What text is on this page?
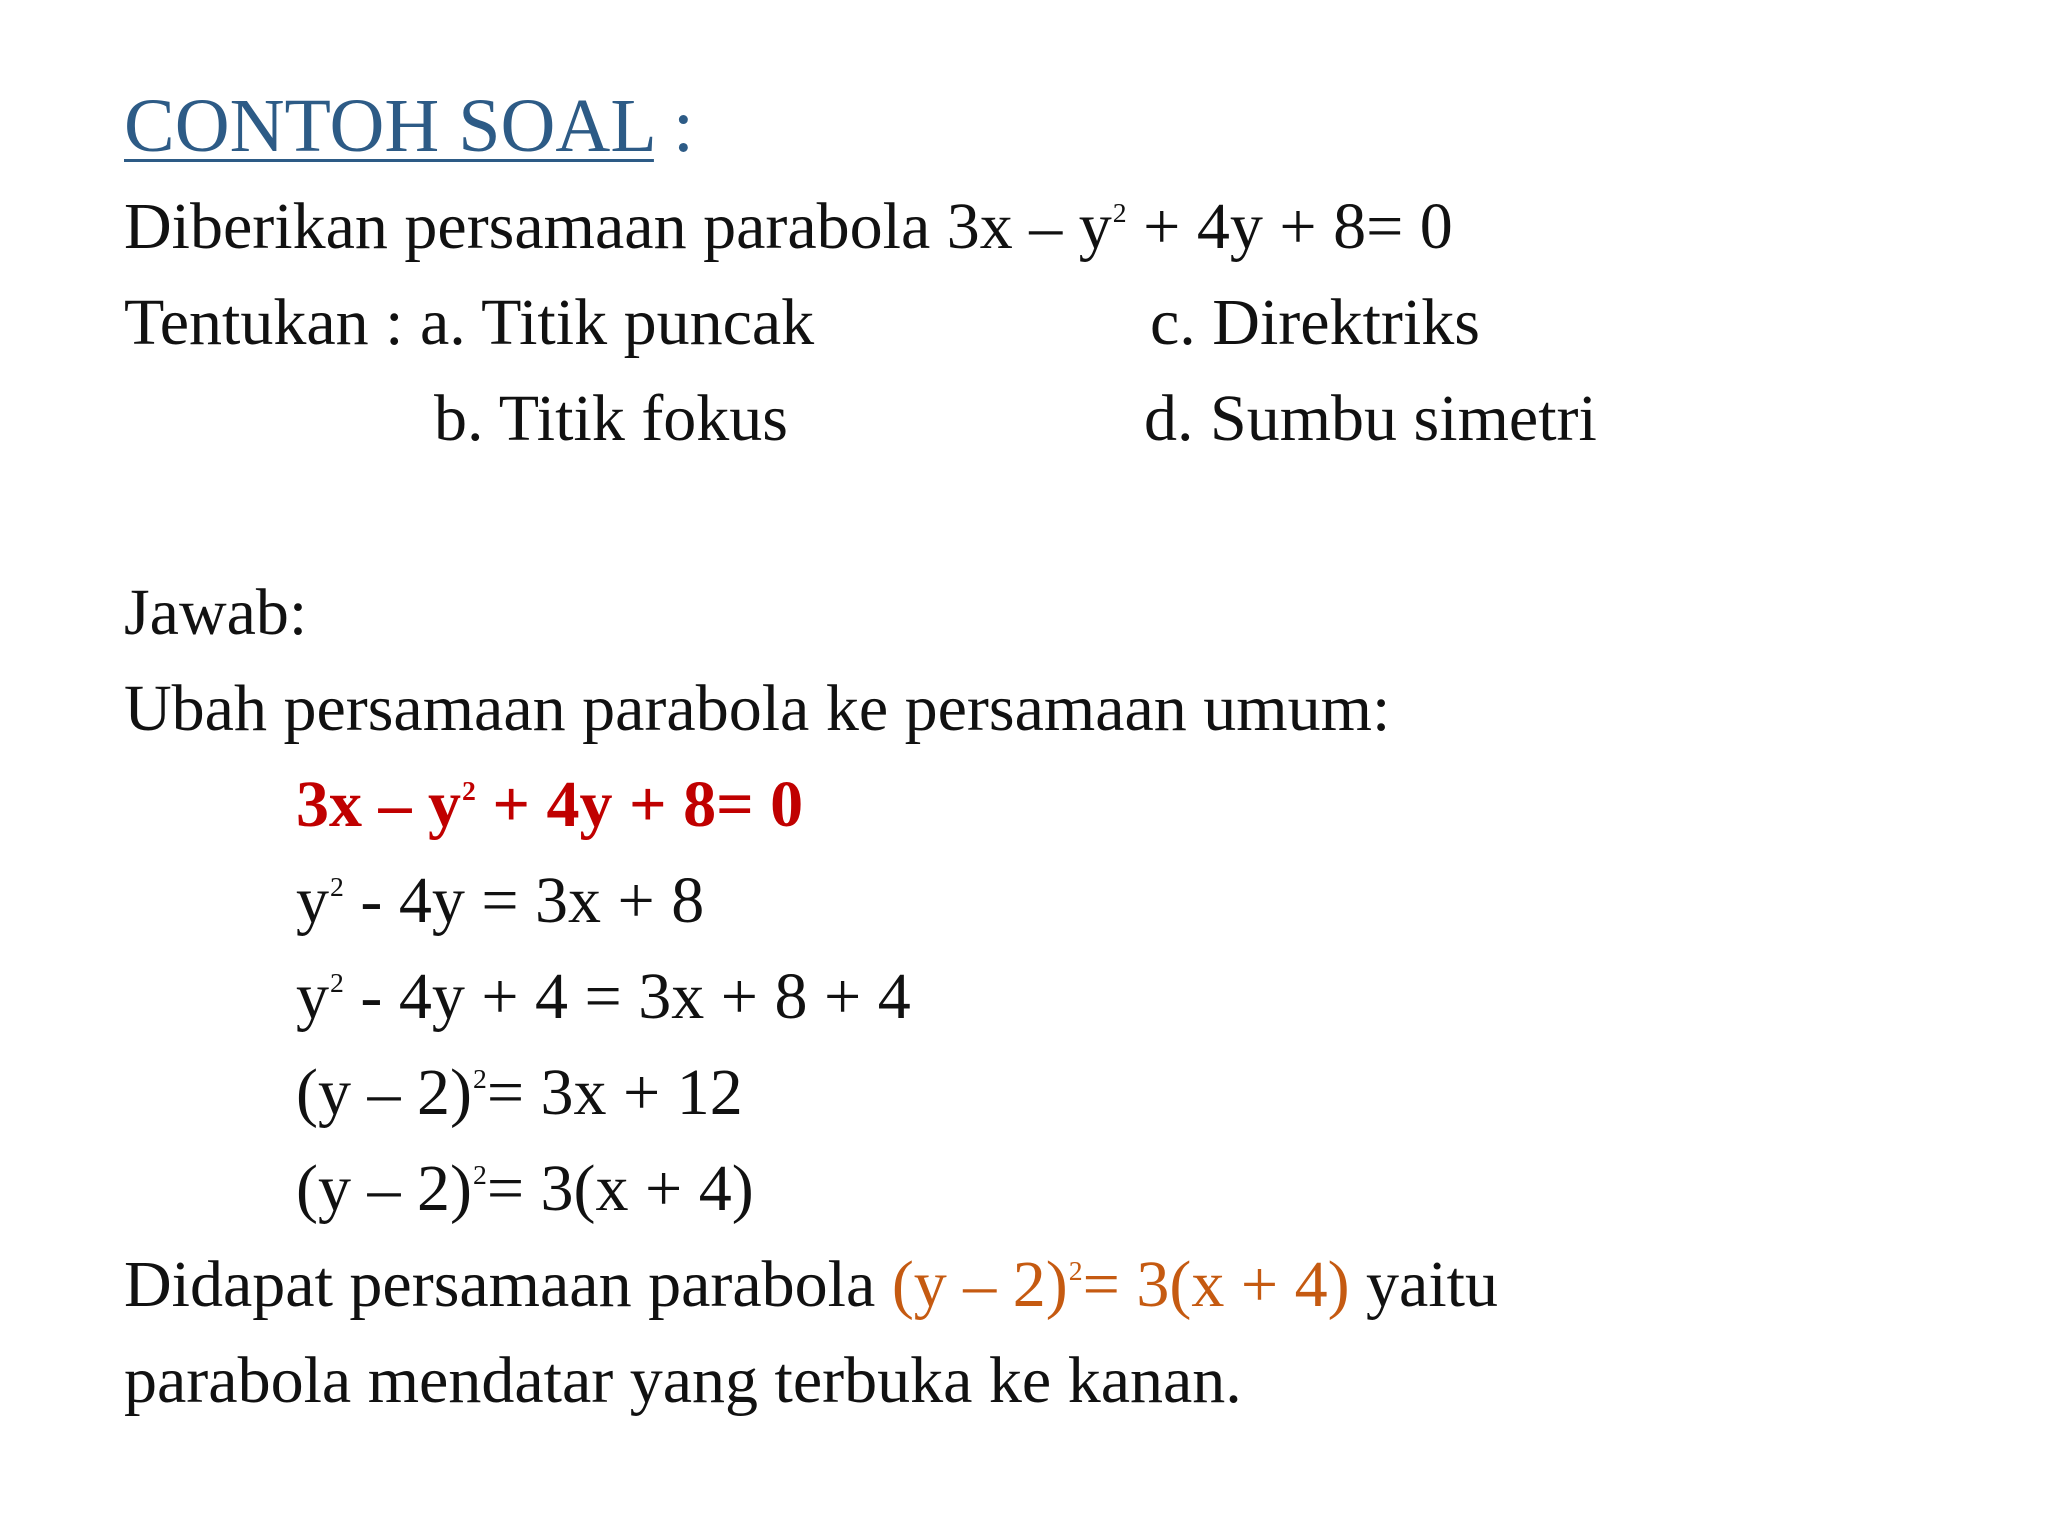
CONTOH SOAL :
Diberikan persamaan parabola $3x - y^2 + 4y + 8= 0$
Tentukan : a. Titik puncak	c. Direktriks
b. Titik fokus	d. Sumbu simetri
Jawab:
Ubah persamaan parabola ke persamaan umum:
$3x - y^2 + 4y + 8= 0$
$y^2 - 4y = 3x + 8$
$y^2 - 4y + 4 = 3x + 8 + 4$
(y – 2)$^2$= 3x + 12
(y – 2)$^2$= 3(x + 4)
Didapat persamaan parabola (y – 2)$^2$= 3(x + 4) yaitu
parabola mendatar yang terbuka ke kanan.
